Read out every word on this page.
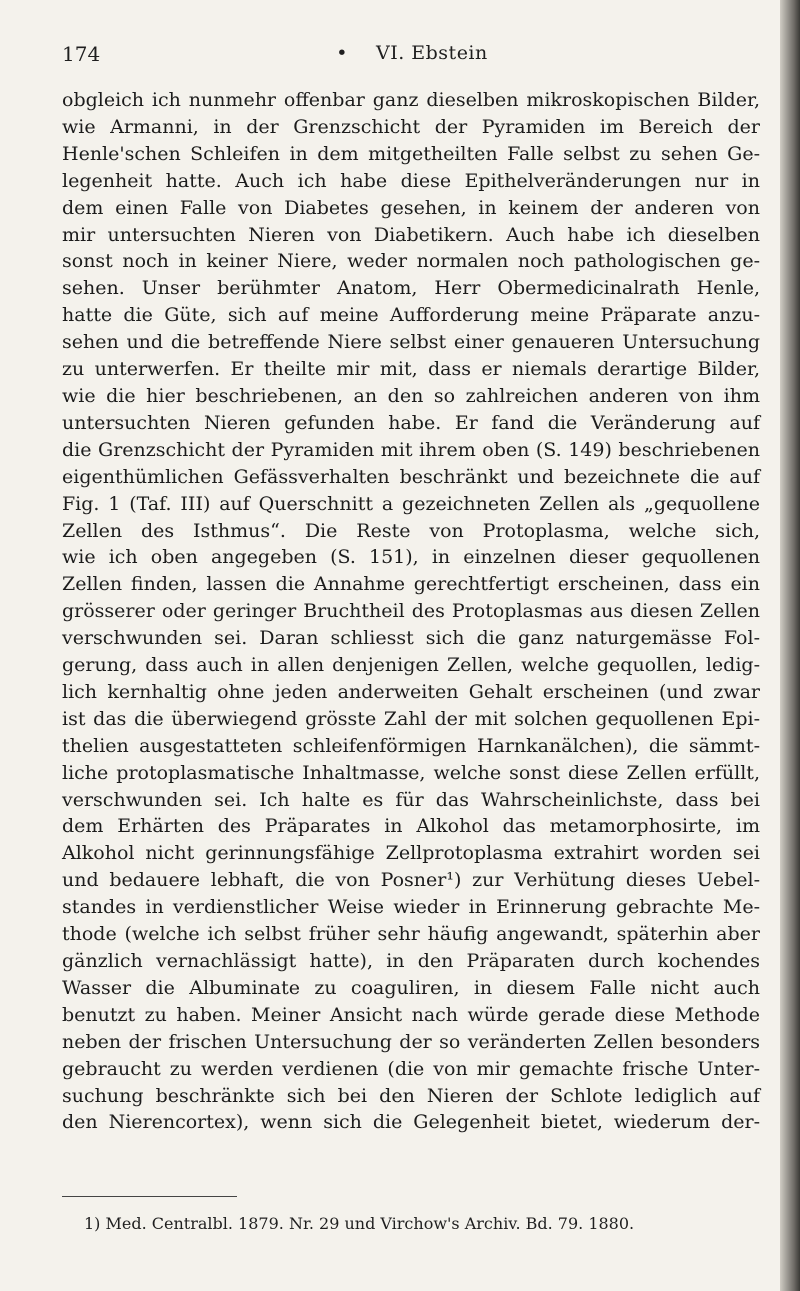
174	• VI. Ebstein
obgleich ich nunmehr offenbar ganz dieselben mikroskopischen Bilder,
wie Armanni, in der Grenzschicht der Pyramiden im Bereich der
Henle'schen Schleifen in dem mitgetheilten Falle selbst zu sehen Ge-
legenheit hatte. Auch ich habe diese Epithelveränderungen nur in
dem einen Falle von Diabetes gesehen, in keinem der anderen von
mir untersuchten Nieren von Diabetikern. Auch habe ich dieselben
sonst noch in keiner Niere, weder normalen noch pathologischen ge-
sehen. Unser berühmter Anatom, Herr Obermedicinalrath Henle,
hatte die Güte, sich auf meine Aufforderung meine Präparate anzu-
sehen und die betreffende Niere selbst einer genaueren Untersuchung
zu unterwerfen. Er theilte mir mit, dass er niemals derartige Bilder,
wie die hier beschriebenen, an den so zahlreichen anderen von ihm
untersuchten Nieren gefunden habe. Er fand die Veränderung auf
die Grenzschicht der Pyramiden mit ihrem oben (S. 149) beschriebenen
eigenthümlichen Gefässverhalten beschränkt und bezeichnete die auf
Fig. 1 (Taf. III) auf Querschnitt a gezeichneten Zellen als „gequollene
Zellen des Isthmus“. Die Reste von Protoplasma, welche sich,
wie ich oben angegeben (S. 151), in einzelnen dieser gequollenen
Zellen finden, lassen die Annahme gerechtfertigt erscheinen, dass ein
grösserer oder geringer Bruchtheil des Protoplasmas aus diesen Zellen
verschwunden sei. Daran schliesst sich die ganz naturgemässe Fol-
gerung, dass auch in allen denjenigen Zellen, welche gequollen, ledig-
lich kernhaltig ohne jeden anderweiten Gehalt erscheinen (und zwar
ist das die überwiegend grösste Zahl der mit solchen gequollenen Epi-
thelien ausgestatteten schleifenförmigen Harnkanälchen), die sämmt-
liche protoplasmatische Inhaltmasse, welche sonst diese Zellen erfüllt,
verschwunden sei. Ich halte es für das Wahrscheinlichste, dass bei
dem Erhärten des Präparates in Alkohol das metamorphosirte, im
Alkohol nicht gerinnungsfähige Zellprotoplasma extrahirt worden sei
und bedauere lebhaft, die von Posner¹) zur Verhütung dieses Uebel-
standes in verdienstlicher Weise wieder in Erinnerung gebrachte Me-
thode (welche ich selbst früher sehr häufig angewandt, späterhin aber
gänzlich vernachlässigt hatte), in den Präparaten durch kochendes
Wasser die Albuminate zu coaguliren, in diesem Falle nicht auch
benutzt zu haben. Meiner Ansicht nach würde gerade diese Methode
neben der frischen Untersuchung der so veränderten Zellen besonders
gebraucht zu werden verdienen (die von mir gemachte frische Unter-
suchung beschränkte sich bei den Nieren der Schlote lediglich auf
den Nierencortex), wenn sich die Gelegenheit bietet, wiederum der-
1) Med. Centralbl. 1879. Nr. 29 und Virchow's Archiv. Bd. 79. 1880.
